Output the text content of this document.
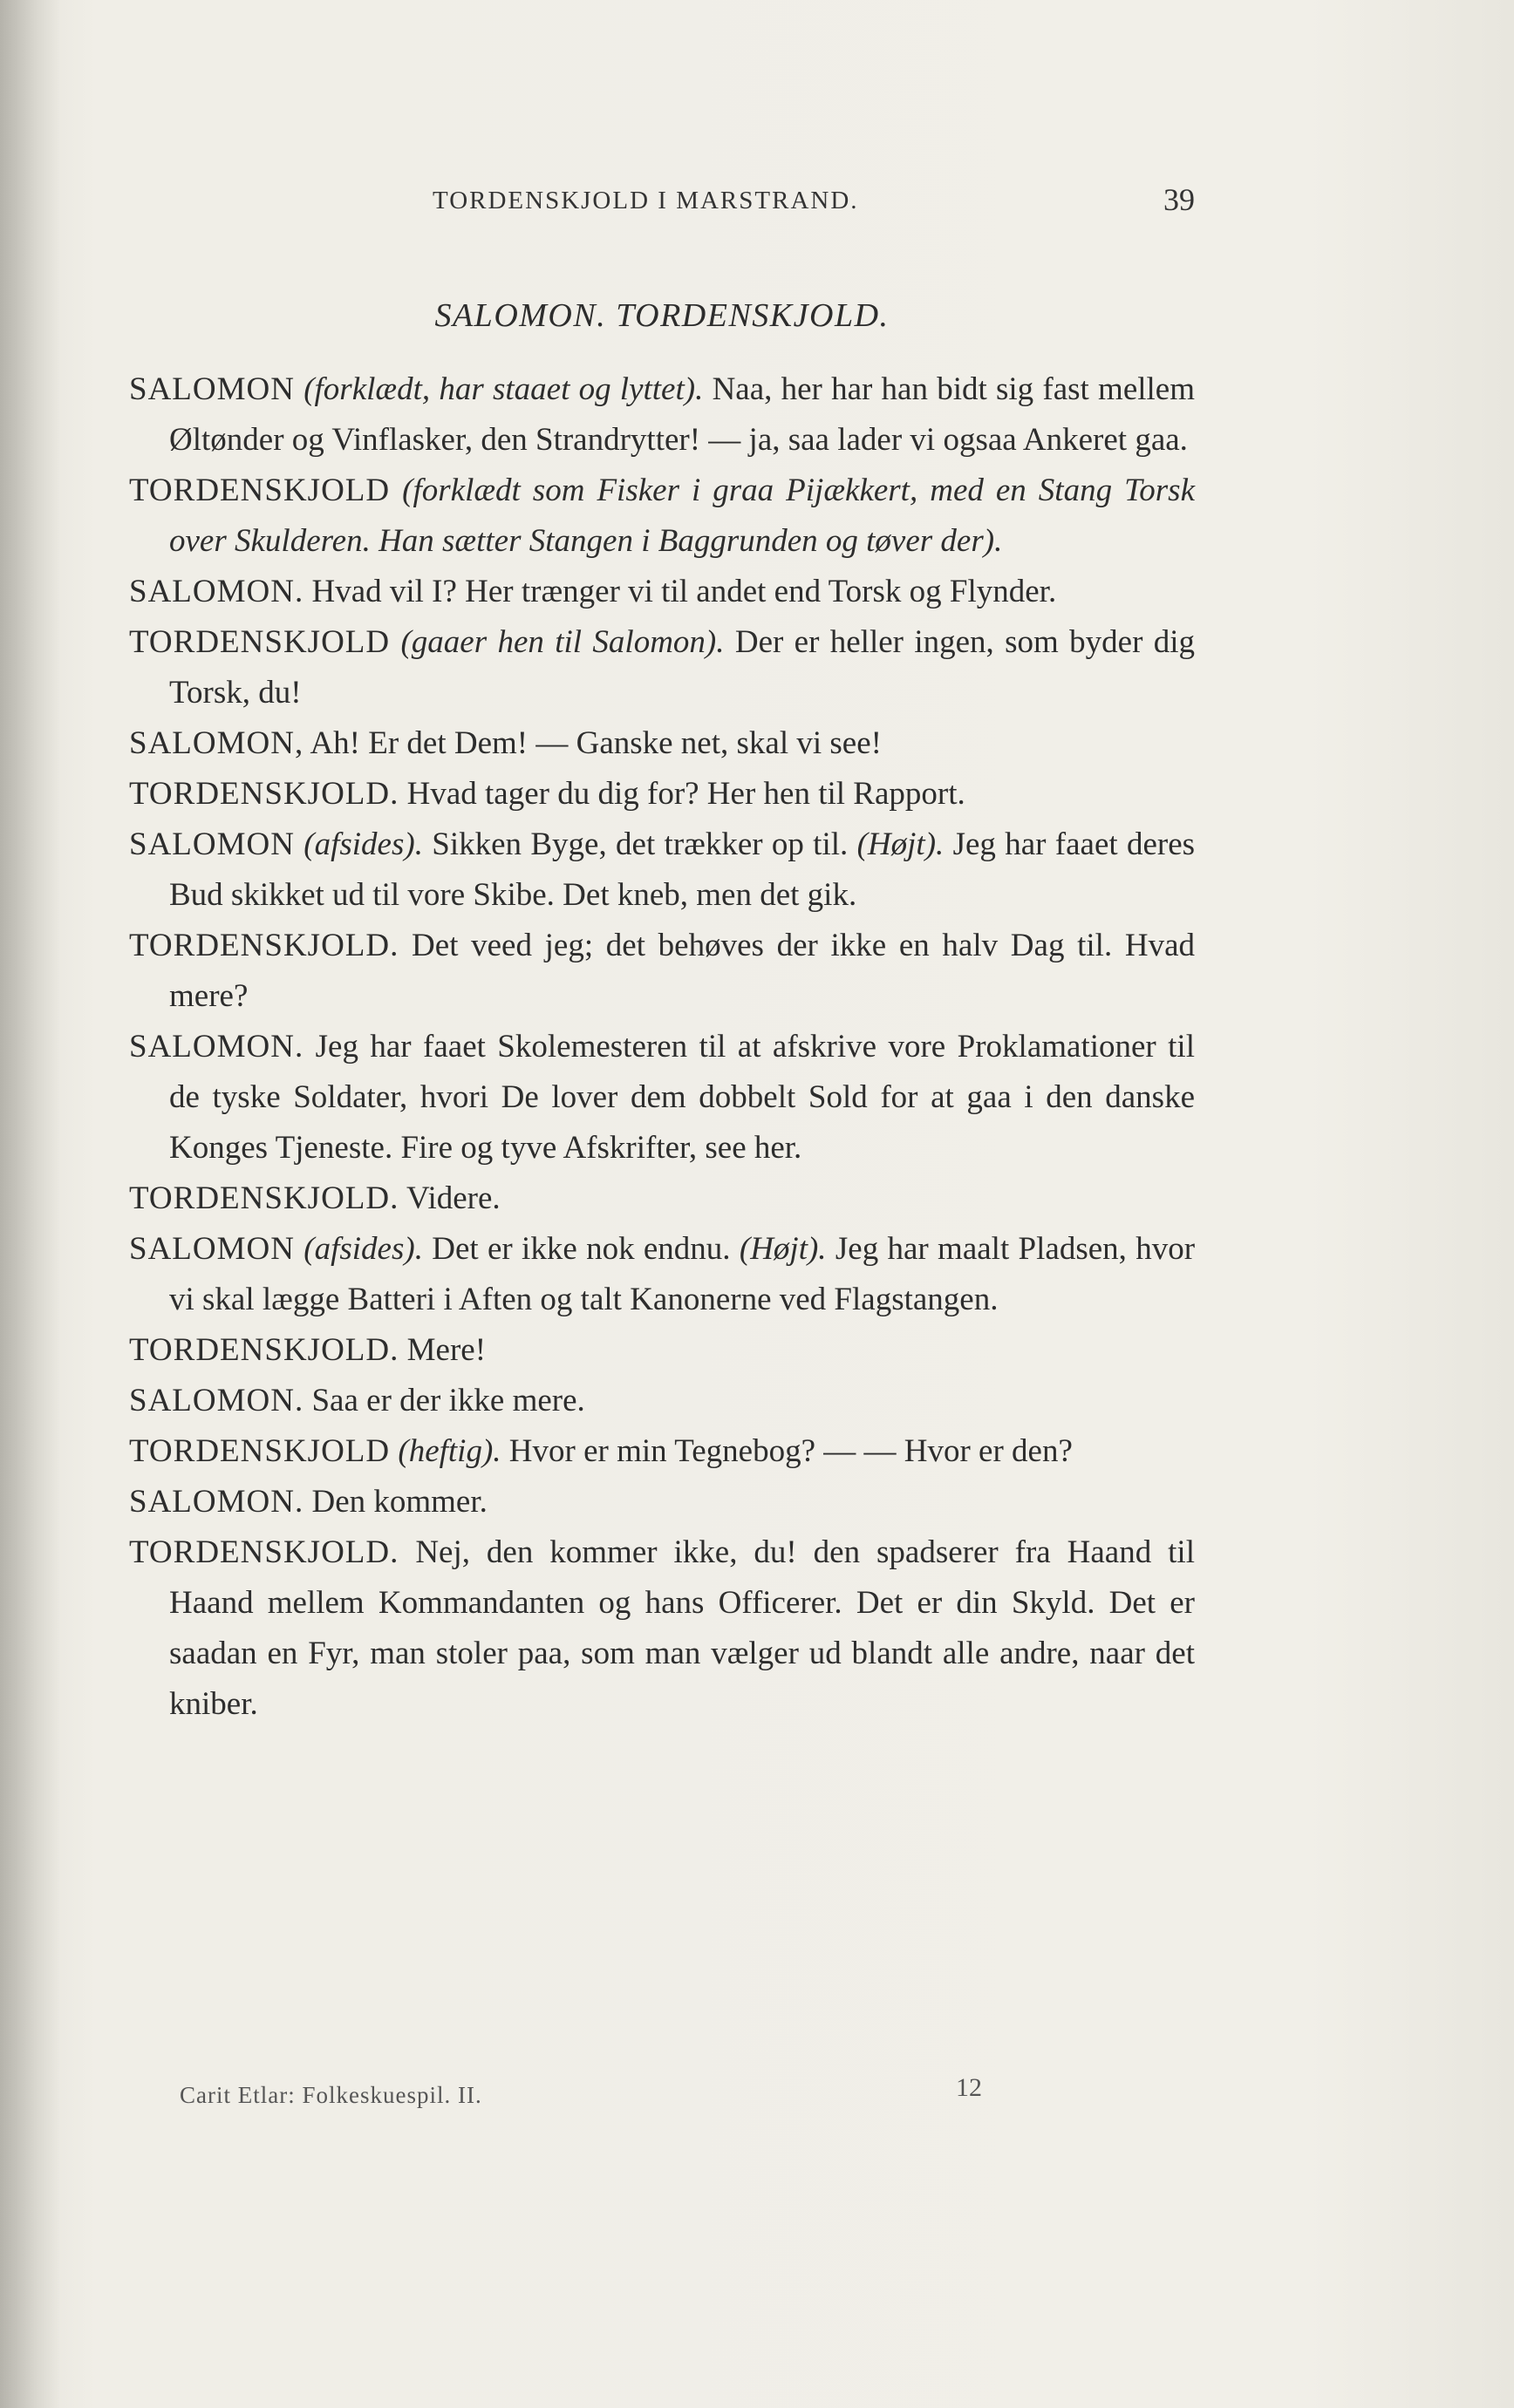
TORDENSKJOLD I MARSTRAND.	39
SALOMON. TORDENSKJOLD.

SALOMON (forklædt, har staaet og lyttet). Naa, her har han bidt sig fast mellem Øltønder og Vinflasker, den Strandrytter! — ja, saa lader vi ogsaa Ankeret gaa.

TORDENSKJOLD (forklædt som Fisker i graa Pijækkert, med en Stang Torsk over Skulderen. Han sætter Stangen i Baggrunden og tøver der).

SALOMON. Hvad vil I? Her trænger vi til andet end Torsk og Flynder.

TORDENSKJOLD (gaaer hen til Salomon). Der er heller ingen, som byder dig Torsk, du!

SALOMON, Ah! Er det Dem! — Ganske net, skal vi see!

TORDENSKJOLD. Hvad tager du dig for? Her hen til Rapport.

SALOMON (afsides). Sikken Byge, det trækker op til. (Højt). Jeg har faaet deres Bud skikket ud til vore Skibe. Det kneb, men det gik.

TORDENSKJOLD. Det veed jeg; det behøves der ikke en halv Dag til. Hvad mere?

SALOMON. Jeg har faaet Skolemesteren til at afskrive vore Proklamationer til de tyske Soldater, hvori De lover dem dobbelt Sold for at gaa i den danske Konges Tjeneste. Fire og tyve Afskrifter, see her.

TORDENSKJOLD. Videre.

SALOMON (afsides). Det er ikke nok endnu. (Højt). Jeg har maalt Pladsen, hvor vi skal lægge Batteri i Aften og talt Kanonerne ved Flagstangen.

TORDENSKJOLD. Mere!

SALOMON. Saa er der ikke mere.

TORDENSKJOLD (heftig). Hvor er min Tegnebog? — — Hvor er den?

SALOMON. Den kommer.

TORDENSKJOLD. Nej, den kommer ikke, du! den spadserer fra Haand til Haand mellem Kommandanten og hans Officerer. Det er din Skyld. Det er saadan en Fyr, man stoler paa, som man vælger ud blandt alle andre, naar det kniber.

Carit Etlar: Folkeskuespil. II.	12
